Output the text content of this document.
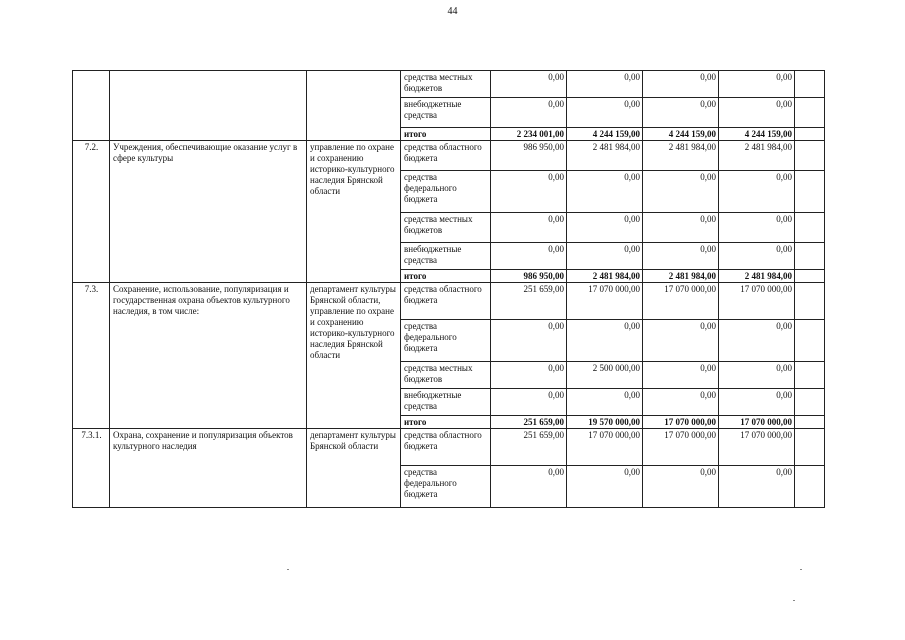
44
			средства местных бюджетов	0,00	0,00	0,00	0,00	
			внебюджетные средства	0,00	0,00	0,00	0,00	
			итого	2 234 001,00	4 244 159,00	4 244 159,00	4 244 159,00	
7.2.	Учреждения, обеспечивающие оказание услуг в сфере культуры	управление по охране и сохранению историко-культурного наследия Брянской области	средства областного бюджета	986 950,00	2 481 984,00	2 481 984,00	2 481 984,00	
			средства федерального бюджета	0,00	0,00	0,00	0,00	
			средства местных бюджетов	0,00	0,00	0,00	0,00	
			внебюджетные средства	0,00	0,00	0,00	0,00	
			итого	986 950,00	2 481 984,00	2 481 984,00	2 481 984,00	
7.3.	Сохранение, использование, популяризация и государственная охрана объектов культурного наследия, в том числе:	департамент культуры Брянской области, управление по охране и сохранению историко-культурного наследия Брянской области	средства областного бюджета	251 659,00	17 070 000,00	17 070 000,00	17 070 000,00	
			средства федерального бюджета	0,00	0,00	0,00	0,00	
			средства местных бюджетов	0,00	2 500 000,00	0,00	0,00	
			внебюджетные средства	0,00	0,00	0,00	0,00	
			итого	251 659,00	19 570 000,00	17 070 000,00	17 070 000,00	
7.3.1.	Охрана, сохранение и популяризация объектов культурного наследия	департамент культуры Брянской области	средства областного бюджета	251 659,00	17 070 000,00	17 070 000,00	17 070 000,00	
			средства федерального бюджета	0,00	0,00	0,00	0,00	
